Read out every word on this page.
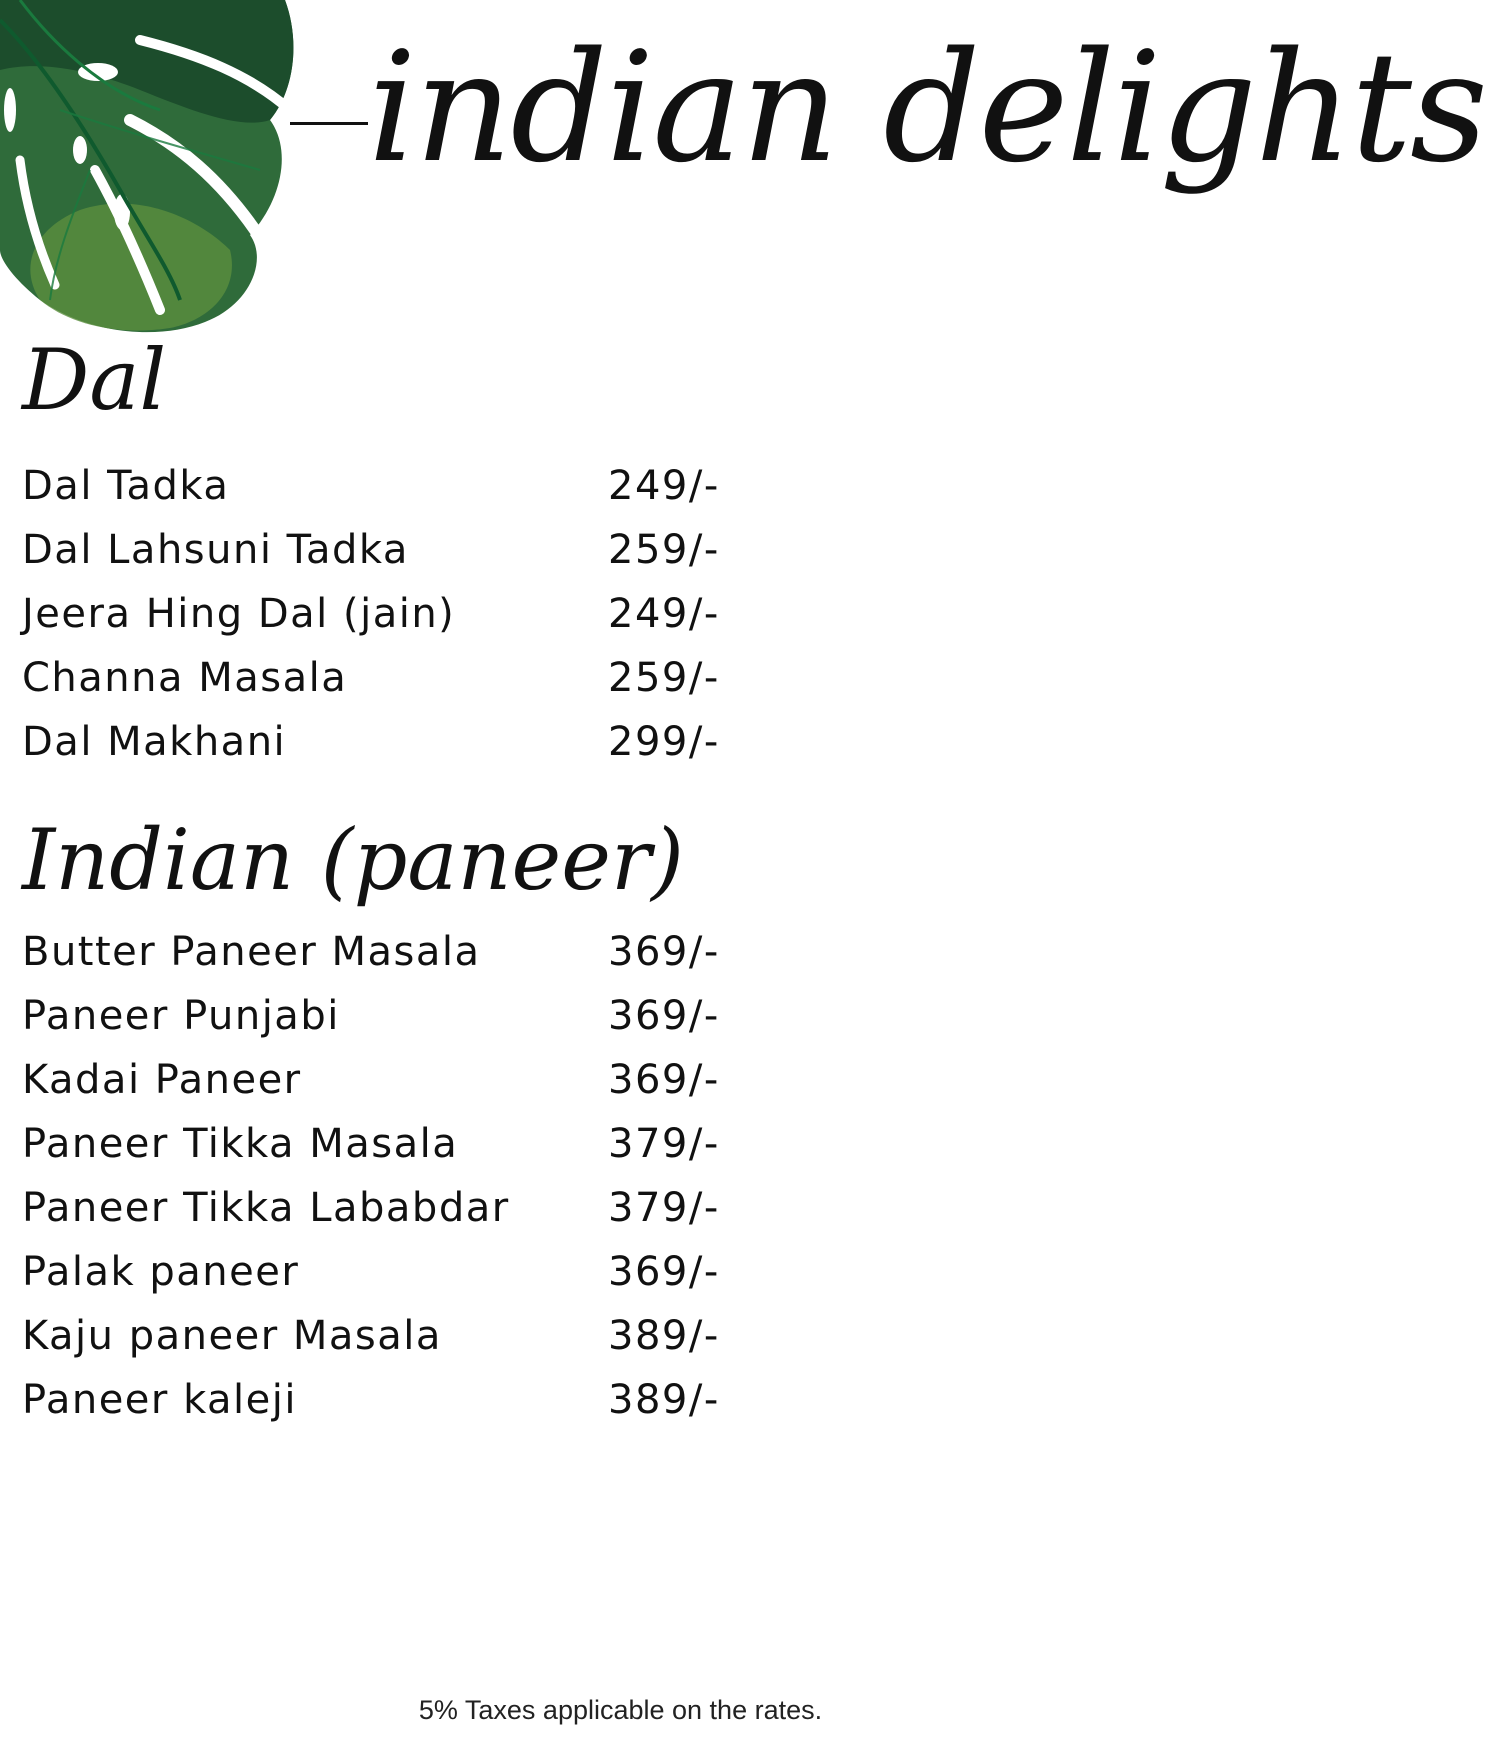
indian delights
Dal
Dal Tadka	249/-
Dal Lahsuni Tadka	259/-
Jeera Hing Dal (jain)	249/-
Channa Masala	259/-
Dal Makhani	299/-
Indian (paneer)
Butter Paneer Masala	369/-
Paneer Punjabi	369/-
Kadai Paneer	369/-
Paneer Tikka Masala	379/-
Paneer Tikka Lababdar 379/-
Palak paneer	369/-
Kaju paneer Masala	389/-
Paneer kaleji	389/-
5% Taxes applicable on the rates.
